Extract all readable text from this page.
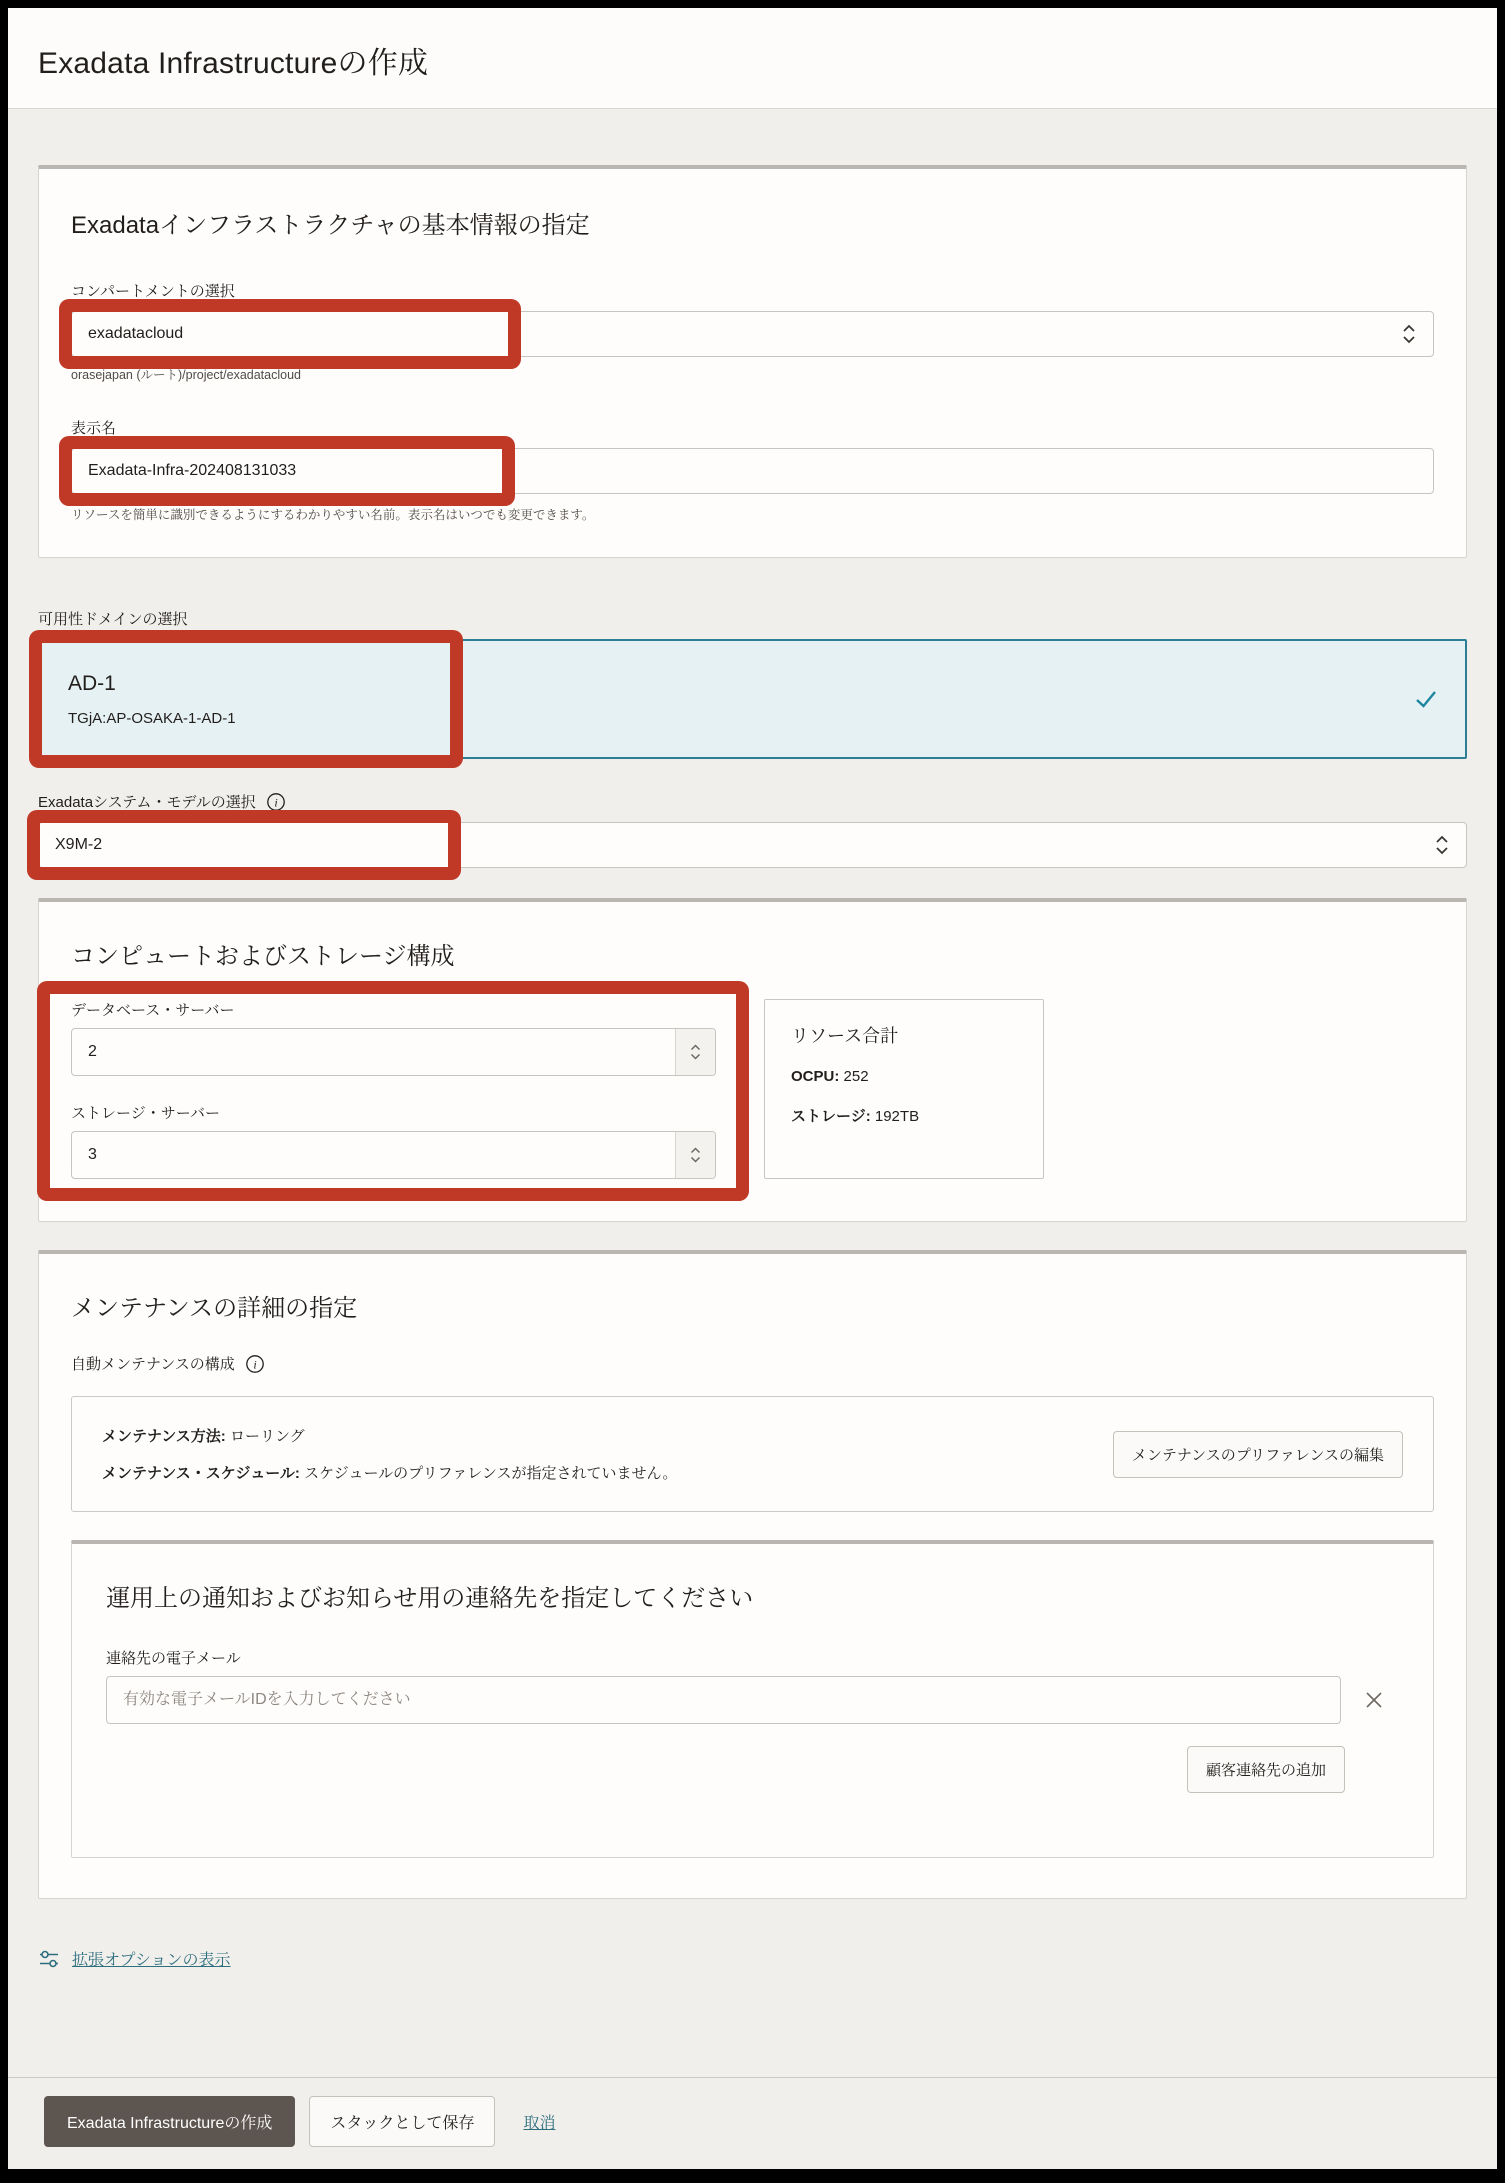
Exadata Infrastructureの作成
Exadataインフラストラクチャの基本情報の指定
コンパートメントの選択
exadatacloud
orasejapan (ルート)/project/exadatacloud
表示名
Exadata-Infra-202408131033
リソースを簡単に識別できるようにするわかりやすい名前。表示名はいつでも変更できます。
可用性ドメインの選択
AD-1
TGjA:AP-OSAKA-1-AD-1
Exadataシステム・モデルの選択 i
X9M-2
コンピュートおよびストレージ構成
データベース・サーバー
2
ストレージ・サーバー
3
リソース合計
OCPU: 252
ストレージ: 192TB
メンテナンスの詳細の指定
自動メンテナンスの構成 i
メンテナンス方法: ローリング
メンテナンス・スケジュール: スケジュールのプリファレンスが指定されていません。
メンテナンスのプリファレンスの編集
運用上の通知およびお知らせ用の連絡先を指定してください
連絡先の電子メール
有効な電子メールIDを入力してください
顧客連絡先の追加
拡張オプションの表示
Exadata Infrastructureの作成	スタックとして保存	取消
